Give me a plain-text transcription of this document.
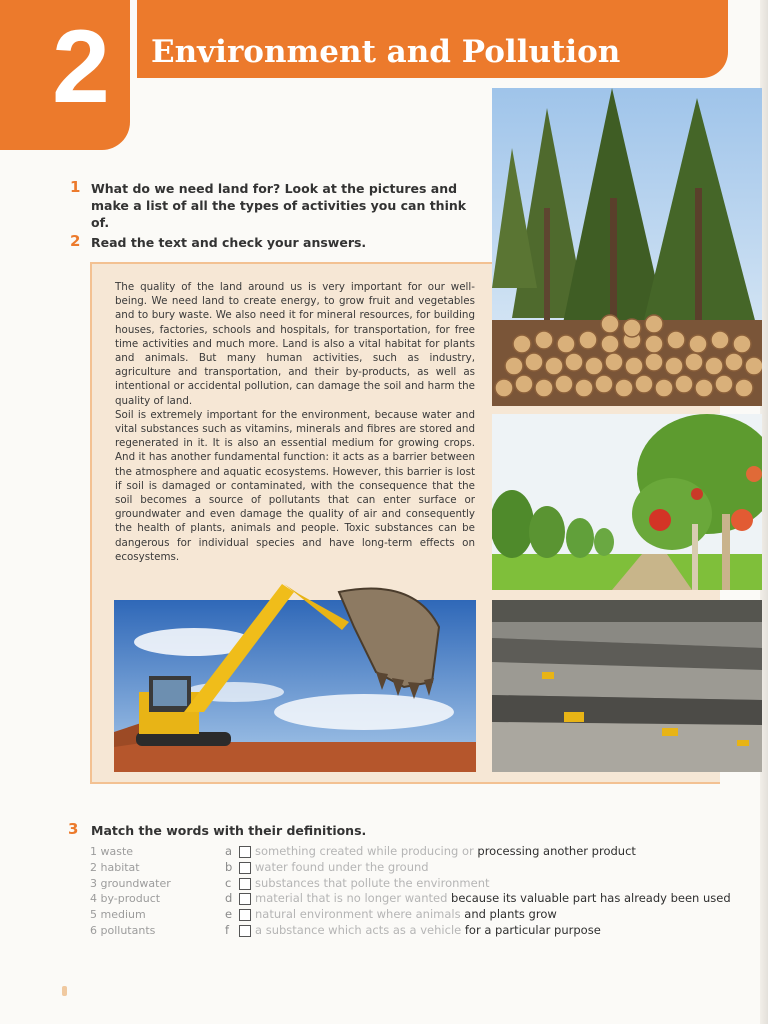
2 Environment and Pollution
1 What do we need land for? Look at the pictures and make a list of all the types of activities you can think of.
2 Read the text and check your answers.

The quality of the land around us is very important for our well-being. We need land to create energy, to grow fruit and vegetables and to bury waste. We also need it for mineral resources, for building houses, factories, schools and hospitals, for transportation, for free time activities and much more. Land is also a vital habitat for plants and animals. But many human activities, such as industry, agriculture and transportation, and their by-products, as well as intentional or accidental pollution, can damage the soil and harm the quality of land.

Soil is extremely important for the environment, because water and vital substances such as vitamins, minerals and fibres are stored and regenerated in it. It is also an essential medium for growing crops. And it has another fundamental function: it acts as a barrier between the atmosphere and aquatic ecosystems. However, this barrier is lost if soil is damaged or contaminated, with the consequence that the soil becomes a source of pollutants that can enter surface or groundwater and even damage the quality of air and consequently the health of plants, animals and people. Toxic substances can be dangerous for individual species and have long-term effects on ecosystems.

3 Match the words with their definitions.
1 waste
2 habitat
3 groundwater
4 by-product
5 medium
6 pollutants
a something created while producing or processing another product
b water found under the ground
c	substances that pollute the environment
d material that is no longer wanted because its valuable part has already been used
e natural environment where animals and plants grow
f	a substance which acts as a vehicle for a particular purpose
